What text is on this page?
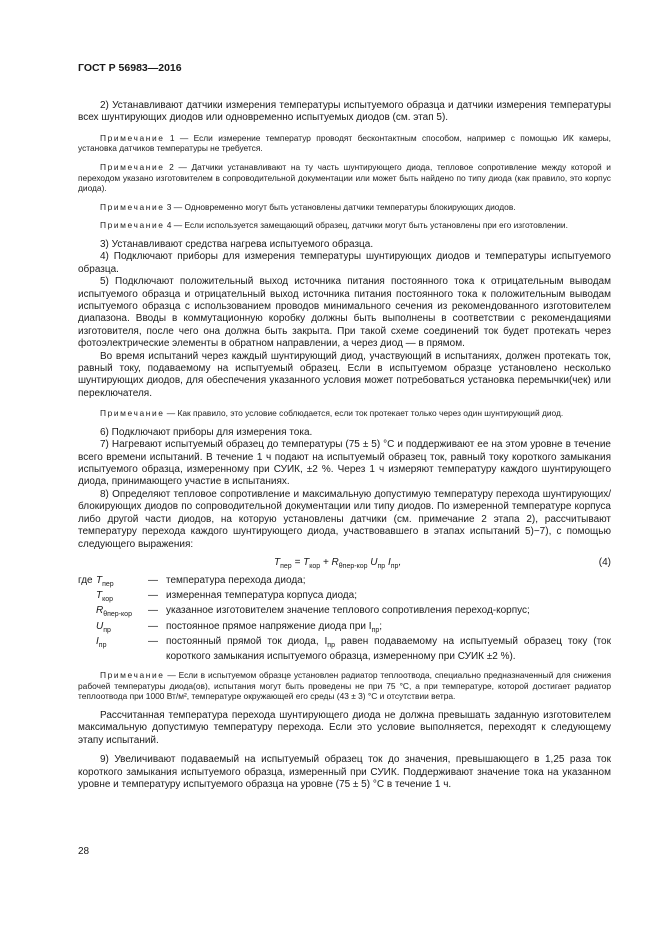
ГОСТ Р 56983—2016

2) Устанавливают датчики измерения температуры испытуемого образца и датчики измерения температуры всех шунтирующих диодов или одновременно испытуемых диодов (см. этап 5).

Примечание 1 — Если измерение температур проводят бесконтактным способом, например с помощью ИК камеры, установка датчиков температуры не требуется.

Примечание 2 — Датчики устанавливают на ту часть шунтирующего диода, тепловое сопротивление между которой и переходом указано изготовителем в сопроводительной документации или может быть найдено по типу диода (как правило, это корпус диода).

Примечание 3 — Одновременно могут быть установлены датчики температуры блокирующих диодов.

Примечание 4 — Если используется замещающий образец, датчики могут быть установлены при его изготовлении.

3) Устанавливают средства нагрева испытуемого образца.

4) Подключают приборы для измерения температуры шунтирующих диодов и температуры испытуемого образца.

5) Подключают положительный выход источника питания постоянного тока к отрицательным выводам испытуемого образца и отрицательный выход источника питания постоянного тока к положительным выводам испытуемого образца с использованием проводов минимального сечения из рекомендованного изготовителем диапазона. Вводы в коммутационную коробку должны быть выполнены в соответствии с рекомендациями изготовителя, после чего она должна быть закрыта. При такой схеме соединений ток будет протекать через фотоэлектрические элементы в обратном направлении, а через диод — в прямом.

Во время испытаний через каждый шунтирующий диод, участвующий в испытаниях, должен протекать ток, равный току, подаваемому на испытуемый образец. Если в испытуемом образце установлено несколько шунтирующих диодов, для обеспечения указанного условия может потребоваться установка перемычки(чек) или переключателя.

Примечание — Как правило, это условие соблюдается, если ток протекает только через один шунтирующий диод.

6) Подключают приборы для измерения тока.

7) Нагревают испытуемый образец до температуры (75 ± 5) °С и поддерживают ее на этом уровне в течение всего времени испытаний. В течение 1 ч подают на испытуемый образец ток, равный току короткого замыкания испытуемого образца, измеренному при СУИК, ±2 %. Через 1 ч измеряют температуру каждого шунтирующего диода, принимающего участие в испытаниях.

8) Определяют тепловое сопротивление и максимальную допустимую температуру перехода шунтирующих/блокирующих диодов по сопроводительной документации или типу диодов. По измеренной температуре корпуса либо другой части диодов, на которую установлены датчики (см. примечание 2 этапа 2), рассчитывают температуру перехода каждого шунтирующего диода, участвовавшего в этапах испытаний 5)−7), с помощью следующего выражения:

$T_{пер} = T_{кор} + R_{\theta пер-кор}$ $U_{пр}$ $I_{пр}$,	(4)
где $T_{пер}$	— температура перехода диода;
$T_{кор}$	— измеренная температура корпуса диода;
$R_{\theta пер-кор}$	— указанное изготовителем значение теплового сопротивления переход-корпус;
$U_{пр}$	— постоянное прямое напряжение диода при $I_{пр}$;
$I_{пр}$	— постоянный прямой ток диода, $I_{пр}$ равен подаваемому на испытуемый образец току (ток короткого замыкания испытуемого образца, измеренному при СУИК ±2 %).

Примечание — Если в испытуемом образце установлен радиатор теплоотвода, специально предназначенный для снижения рабочей температуры диода(ов), испытания могут быть проведены не при 75 °С, а при температуре, которой достигает радиатор теплоотвода при 1000 Вт/м², температуре окружающей его среды (43 ± 3) °С и отсутствии ветра.

Рассчитанная температура перехода шунтирующего диода не должна превышать заданную изготовителем максимальную допустимую температуру перехода. Если это условие выполняется, переходят к следующему этапу испытаний.

9) Увеличивают подаваемый на испытуемый образец ток до значения, превышающего в 1,25 раза ток короткого замыкания испытуемого образца, измеренный при СУИК. Поддерживают значение тока на указанном уровне и температуру испытуемого образца на уровне (75 ± 5) °С в течение 1 ч.

28
